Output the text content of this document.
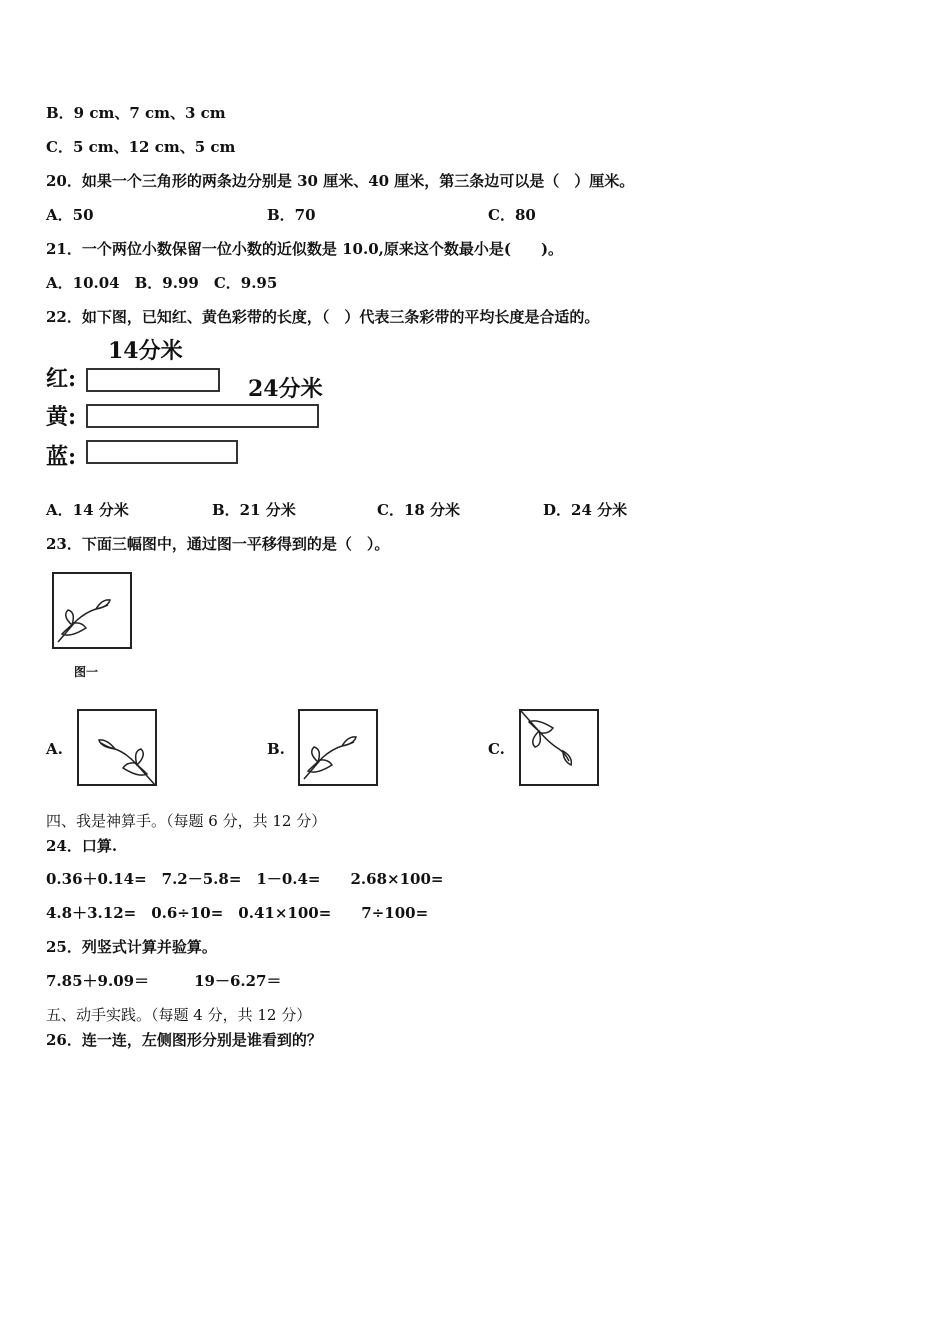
B．9 cm、7 cm、3 cm
C．5 cm、12 cm、5 cm
20．如果一个三角形的两条边分别是 30 厘米、40 厘米，第三条边可以是（　）厘米。
A．50	B．70	C．80
21．一个两位小数保留一位小数的近似数是 10.0,原来这个数最小是(　　)。
A．10.04　B．9.99　C．9.95
22．如下图，已知红、黄色彩带的长度，（　）代表三条彩带的平均长度是合适的。
14分米
24分米
红:
黄:
蓝:
A．14 分米	B．21 分米	C．18 分米	D．24 分米
23．下面三幅图中，通过图一平移得到的是（　）。
图一
A.	B.	C.
四、我是神算手。（每题 6 分，共 12 分）
24．口算.
0.36＋0.14=　7.2－5.8=　1－0.4=　　2.68×100=
4.8＋3.12=　0.6÷10=　0.41×100=　　7÷100=
25．列竖式计算并验算。
7.85＋9.09＝　　　19－6.27＝
五、动手实践。（每题 4 分，共 12 分）
26．连一连，左侧图形分别是谁看到的？
